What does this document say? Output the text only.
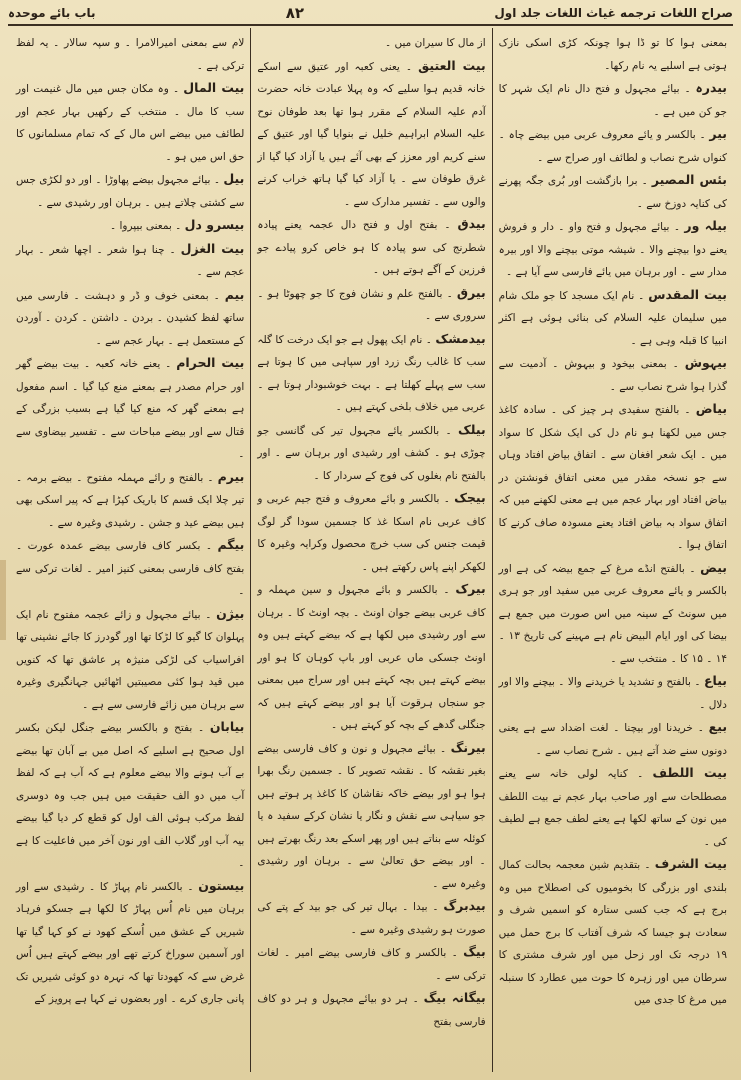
صراح اللغات ترجمه غیاث اللغات جلد اول
۸۲
باب بائے موحدہ

بمعنی ہوا کا تو ڈا ہوا چونکہ کڑی اسکی نازک ہوتی ہے اسلیے یہ نام رکھا۔

بیدرہ ۔ بیائے مجہول و فتح دال نام ایک شہر کا جو کن میں ہے ۔

بیر ۔ بالکسر و یائے معروف عربی میں بیضے چاہ ۔ کنواں شرح نصاب و لطائف اور صراح سے ۔

بئس المصیر ۔ برا بازگشت اور بُری جگہ پھرنے کی کنایہ دوزخ سے ۔

بیلہ ور ۔ بیائے مجہول و فتح واو ۔ دار و فروش یعنے دوا بیچنے والا ۔ شیشہ موتی بیچنے والا اور بیرہ مدار سے ۔ اور برہان میں یائے فارسی سے آیا ہے ۔

بیت المقدس ۔ نام ایک مسجد کا جو ملک شام میں سلیمان علیہ السلام کی بنائی ہوئی ہے اکثر انبیا کا قبلہ وہی ہے ۔

بیہوش ۔ بمعنی بیخود و بیہوش ۔ آدمیت سے گذرا ہوا شرح نصاب سے ۔

بیاض ۔ بالفتح سفیدی ہر چیز کی ۔ سادہ کاغذ جس میں لکھنا ہو نام دل کی ایک شکل کا سواد میں ۔ ایک شعر افغان سے ۔ اتفاق بیاض افتاد وہاں سے جو نسخہ مقدر میں معنی اتفاق فونشتن در بیاض افتاد اور بہار عجم میں ہے معنی لکھنے میں کہ اتفاق سواد بہ بیاض افتاد یعنے مسودہ صاف کرنے کا اتفاق ہوا ۔

بیض ۔ بالفتح انڈے مرغ کے جمع بیضہ کی ہے اور بالکسر و یائے معروف عربی میں سفید اور جو ہری میں سونٹ کے سینہ میں اس صورت میں جمع ہے بیضا کی اور ایام البیض نام ہے مہینے کی تاریخ ۱۳ ۔ ۱۴ ۔ ۱۵ کا ۔ منتخب سے ۔

بیاع ۔ بالفتح و تشدید یا خریدنے والا ۔ بیچنے والا اور دلال ۔

بیع ۔ خریدنا اور بیچنا ۔ لغت اضداد سے ہے یعنی دونوں سنے ضد آتے ہیں ۔ شرح نصاب سے ۔

بیت اللطف ۔ کنایہ لولی خانہ سے یعنے مصطلحات سے اور صاحب بہار عجم نے بیت اللطف میں نون کے ساتھ لکھا ہے یعنے لطف جمع ہے لطیف کی ۔

بیت الشرف ۔ بتقدیم شین معجمہ بحالت کمال بلندی اور بزرگی کا بخومیوں کی اصطلاح میں وہ برج ہے کہ جب کسی ستارہ کو اسمیں شرف و سعادت ہو جیسا کہ شرف آفتاب کا برج حمل میں ۱۹ درجہ تک اور زحل میں اور شرف مشتری کا سرطان میں اور زہرہ کا حوت میں عطارد کا سنبلہ میں مرغ کا جدی میں

از مال کا سیران میں ۔

بیت العتیق ۔ یعنی کعبہ اور عتیق سے اسکے خانہ قدیم ہوا سلیے کہ وہ پہلا عبادت خانہ حضرت آدم علیہ السلام کے مقرر ہوا تھا بعد طوفان نوح علیہ السلام ابراہیم خلیل نے بنوایا گیا اور عتیق کے سنے کریم اور معزز کے بھی آئے ہیں یا آزاد کیا گیا از غرق طوفان سے ۔ یا آزاد کیا گیا ہاتھ خراب کرنے والوں سے ۔ تفسیر مدارک سے ۔

بیدق ۔ بفتح اول و فتح دال عجمہ یعنے پیادہ شطرنج کی سو پیادہ کا ہو خاص کرو پیادے جو فرزین کے آگے ہوتے ہیں ۔

بیرق ۔ بالفتح علم و نشان فوج کا جو چھوٹا ہو ۔ سروری سے ۔

بیدمشک ۔ نام ایک پھول ہے جو ایک درخت کا گلہ سب کا غالب رنگ زرد اور سپاہی میں کا ہوتا ہے سب سے پہلے کھلتا ہے ۔ بہت خوشبودار ہوتا ہے ۔ عربی میں خلاف بلخی کہتے ہیں ۔

بیلک ۔ بالکسر یائے مجہول تیر کی گانسی جو چوڑی ہو ۔ کشف اور رشیدی اور برہان سے ۔ اور بالفتح نام بغلوں کی فوج کے سردار کا ۔

بیجک ۔ بالکسر و بائے معروف و فتح جیم عربی و کاف عربی نام اسکا غذ کا جسمین سودا گر لوگ قیمت جنس کی سب خرچ محصول وکرایہ وغیرہ کا لکھکر اپنے پاس رکھتے ہیں ۔

بیرک ۔ بالکسر و بائے مجہول و سین مہملہ و کاف عربی بیضے جوان اونٹ ۔ بچہ اونٹ کا ۔ برہان سے اور رشیدی میں لکھا ہے کہ بیضے کہتے ہیں وہ اونٹ جسکی ماں عربی اور باپ کوہان کا ہو اور بیضے کہتے ہیں بچہ کہتے ہیں اور سراج میں بمعنی جو سنجاں ہرقوت آیا ہو اور بیضے کہتے ہیں کہ جنگلی گدھے کے بچہ کو کہتے ہیں ۔

بیرنگ ۔ بیائے مجہول و نون و کاف فارسی بیضے بغیر نقشہ کا ۔ نقشہ تصویر کا ۔ جسمین رنگ بھرا ہوا ہو اور بیضے خاکہ نقاشان کا کاغذ پر ہوتے ہیں جو سیاہی سے نقش و نگار یا نشان کرکے سفید ہ یا کوئلہ سے بناتے ہیں اور پھر اسکے بعد رنگ بھرتے ہیں ۔ اور بیضے حق تعالیٰ سے ۔ برہان اور رشیدی وغیرہ سے ۔

بیدبرگ ۔ بیدا ۔ بہال تیر کی جو بید کے پتے کی صورت ہو رشیدی وغیرہ سے ۔

بیگ ۔ بالکسر و کاف فارسی بیضے امیر ۔ لغات ترکی سے ۔

بیگانہ بیگ ۔ ہر دو بیائے مجہول و ہر دو کاف فارسی بفتح

لام سے بمعنی امیرالامرا ۔ و سپہ سالار ۔ یہ لفظ ترکی ہے ۔

بیت المال ۔ وہ مکان جس میں مال غنیمت اور سب کا مال ۔ منتخب کے رکھیں بہار عجم اور لطائف میں بیضے اس مال کے کہ تمام مسلمانوں کا حق اس میں ہو ۔

بیل ۔ بیائے مجہول بیضے پھاوڑا ۔ اور دو لکڑی جس سے کشتی چلاتے ہیں ۔ برہان اور رشیدی سے ۔

بیسرو دل ۔ بمعنی بیپروا ۔

بیت الغزل ۔ چنا ہوا شعر ۔ اچھا شعر ۔ بہار عجم سے ۔

بیم ۔ بمعنی خوف و ڈر و دہشت ۔ فارسی میں ساتھ لفظ کشیدن ۔ بردن ۔ داشتن ۔ کردن ۔ آوردن کے مستعمل ہے ۔ بہار عجم سے ۔

بیت الحرام ۔ یعنے خانہ کعبہ ۔ بیت بیضے گھر اور حرام مصدر ہے بمعنے منع کیا گیا ۔ اسم مفعول ہے بمعنے گھر کہ منع کیا گیا ہے بسبب بزرگی کے قتال سے اور بیضے مباحات سے ۔ تفسیر بیضاوی سے ۔

بیرم ۔ بالفتح و رائے مہملہ مفتوح ۔ بیضے برمہ ۔ تیر چلا ایک قسم کا باریک کپڑا ہے کہ پیر اسکی بھی ہیں بیضے عید و جشن ۔ رشیدی وغیرہ سے ۔

بیگم ۔ بکسر کاف فارسی بیضے عمدہ عورت ۔ بفتح کاف فارسی بمعنی کنیز امیر ۔ لغات ترکی سے ۔

بیژن ۔ بیائے مجہول و زائے عجمہ مفتوح نام ایک پہلوان کا گیو کا لڑکا تھا اور گودرز کا جائے نشینی تھا افراسیاب کی لڑکی منیژہ پر عاشق تھا کہ کنویں میں قید ہوا کئی مصیبتیں اٹھائیں جہانگیری وغیرہ سے برہان میں زائے فارسی سے ہے ۔

بیابان ۔ بفتح و بالکسر بیضے جنگل لیکن بکسر اول صحیح ہے اسلیے کہ اصل میں بے آبان تھا بیضے بے آب ہونے والا بیضے معلوم ہے کہ آب ہے کہ لفظ آب میں دو الف حقیقت میں ہیں جب وہ دوسری لفظ مرکب ہوئی الف اول کو قطع کر دیا گیا بیضے بیہ آب اور گلاب الف اور نون آخر میں فاعلیت کا ہے ۔

بیستون ۔ بالکسر نام پہاڑ کا ۔ رشیدی سے اور برہان میں نام اُس پہاڑ کا لکھا ہے جسکو فرہاد شیریں کے عشق میں اُسکے کھود نے کو کہا گیا تھا اور آسمین سوراخ کرتے تھے اور بیضے کہتے ہیں اُس غرض سے کہ کھودتا تھا کہ نہرہ دو کوئی شیریں تک پانی جاری کرے ۔ اور بعضوں نے کہا ہے پرویز کے
